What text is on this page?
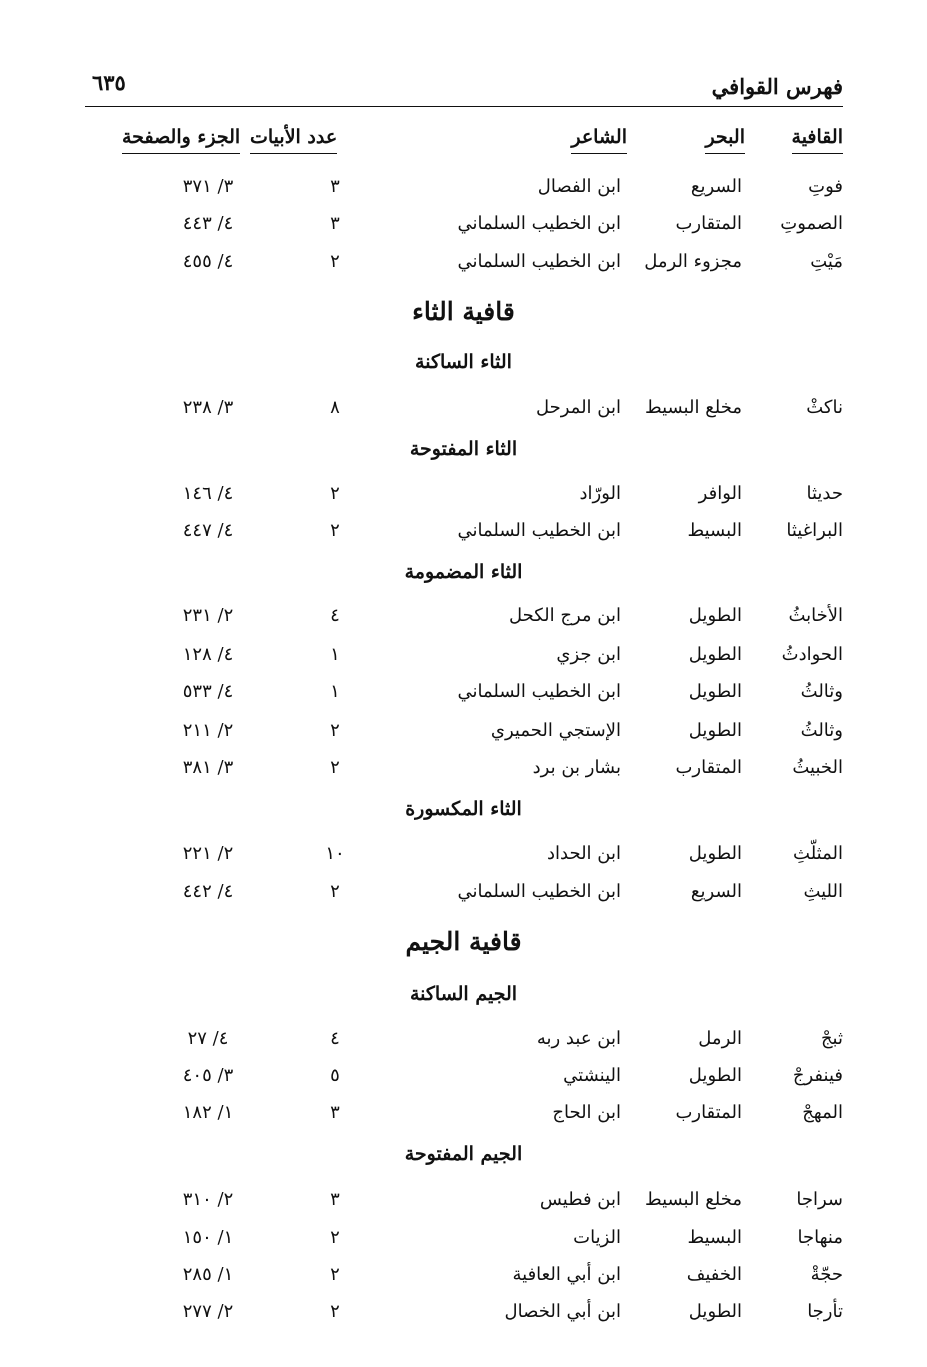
فهرس القوافي
٦٣٥
القافية
البحر
الشاعر
عدد الأبيات
الجزء والصفحة
فوتِ
السريع
ابن الفصال
٣
٣/ ٣٧١
الصموتِ
المتقارب
ابن الخطيب السلماني
٣
٤/ ٤٤٣
مَيْتِ
مجزوء الرمل
ابن الخطيب السلماني
٢
٤/ ٤٥٥
قافية الثاء
الثاء الساكنة
ناكثْ
مخلع البسيط
ابن المرحل
٨
٣/ ٢٣٨
الثاء المفتوحة
حديثا
الوافر
الورّاد
٢
٤/ ١٤٦
البراغيثا
البسيط
ابن الخطيب السلماني
٢
٤/ ٤٤٧
الثاء المضمومة
الأخابثُ
الطويل
ابن مرج الكحل
٤
٢/ ٢٣١
الحوادثُ
الطويل
ابن جزي
١
٤/ ١٢٨
وثالثُ
الطويل
ابن الخطيب السلماني
١
٤/ ٥٣٣
وثالثُ
الطويل
الإستجي الحميري
٢
٢/ ٢١١
الخبيثُ
المتقارب
بشار بن برد
٢
٣/ ٣٨١
الثاء المكسورة
المثلّثِ
الطويل
ابن الحداد
١٠
٢/ ٢٢١
الليثِ
السريع
ابن الخطيب السلماني
٢
٤/ ٤٤٢
قافية الجيم
الجيم الساكنة
ثبجْ
الرمل
ابن عبد ربه
٤
٤/ ٢٧
فينفرجْ
الطويل
الينشتي
٥
٣/ ٤٠٥
المهجْ
المتقارب
ابن الحاج
٣
١/ ١٨٢
الجيم المفتوحة
سراجا
مخلع البسيط
ابن فطيس
٣
٢/ ٣١٠
منهاجا
البسيط
الزيات
٢
١/ ١٥٠
حجّةْ
الخفيف
ابن أبي العافية
٢
١/ ٢٨٥
تأرجا
الطويل
ابن أبي الخصال
٢
٢/ ٢٧٧
